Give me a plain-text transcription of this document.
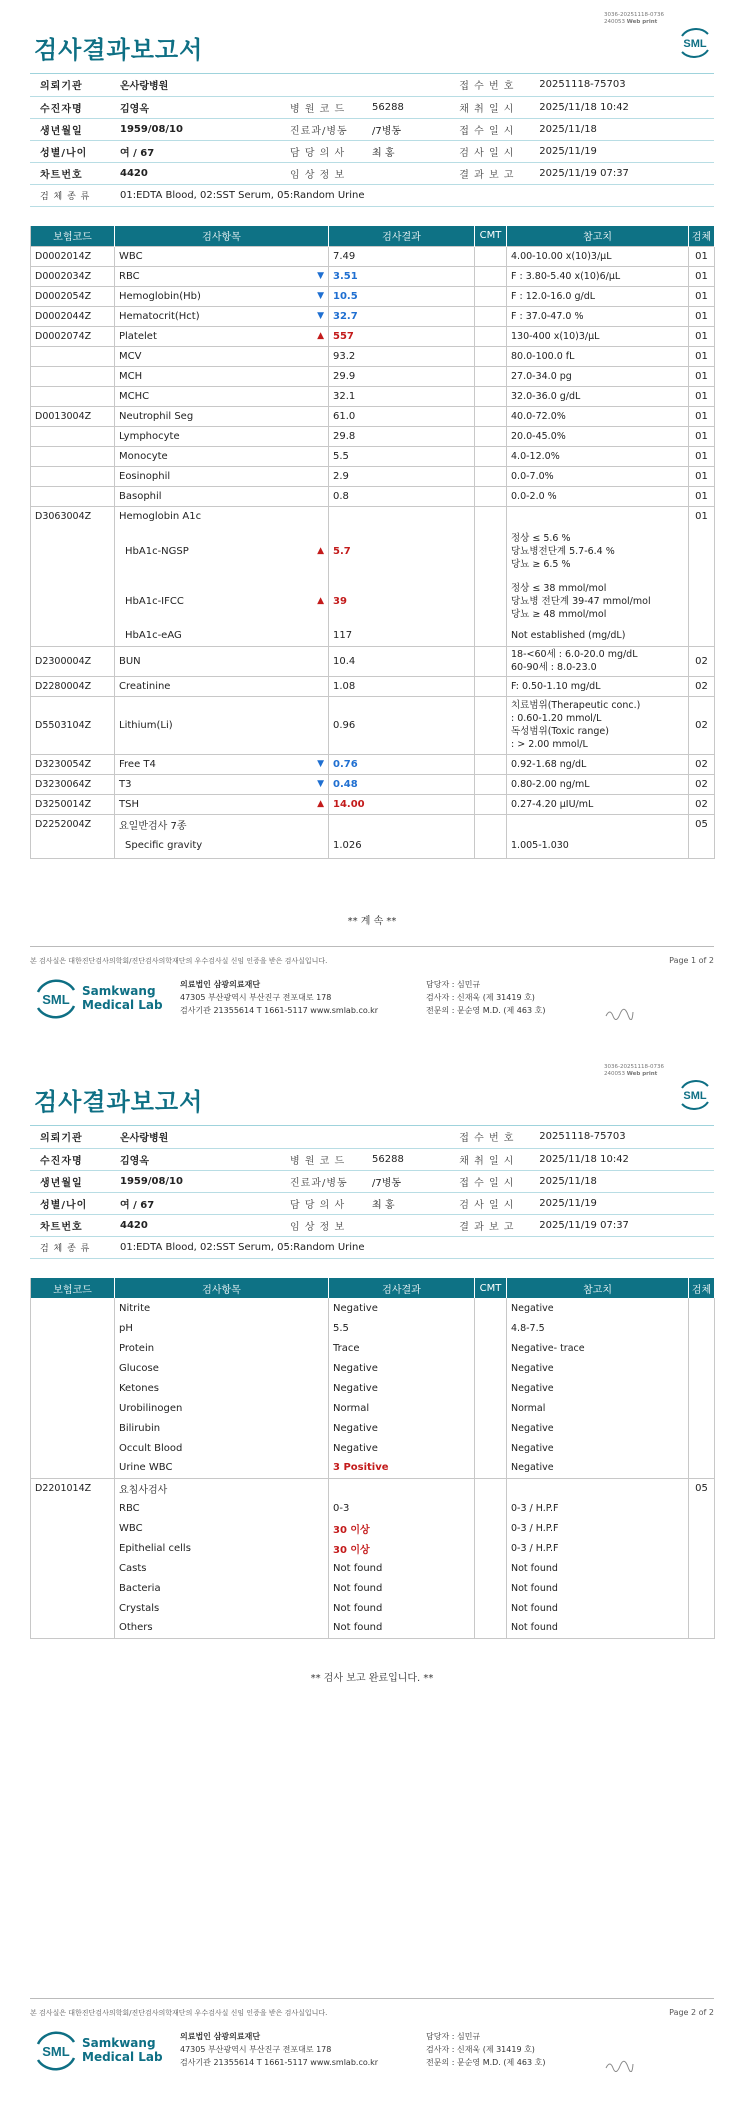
3036-20251118-0736
240053 Web print
검사결과보고서	SML
의뢰기관	온사랑병원			접 수 번 호	20251118-75703
수진자명	김영옥	병 원 코 드	56288	채 취 일 시	2025/11/18 10:42
생년월일	1959/08/10	진료과/병동	/7병동	접 수 일 시	2025/11/18
성별/나이	여 / 67	담 당 의 사	최 홍	검 사 일 시	2025/11/19
차트번호	4420	임 상 정 보		결 과 보 고	2025/11/19 07:37
검 체 종 류	01:EDTA Blood, 02:SST Serum, 05:Random Urine				
보험코드	검사항목	검사결과	CMT	참고치	검체
D0002014Z	WBC	7.49		4.00-10.00 x(10)3/μL	01
D0002034Z	RBC ▼	3.51		F : 3.80-5.40 x(10)6/μL	01
D0002054Z	Hemoglobin(Hb) ▼	10.5		F : 12.0-16.0 g/dL	01
D0002044Z	Hematocrit(Hct) ▼	32.7		F : 37.0-47.0 %	01
D0002074Z	Platelet ▲	557		130-400 x(10)3/μL	01
	MCV	93.2		80.0-100.0 fL	01
	MCH	29.9		27.0-34.0 pg	01
	MCHC	32.1		32.0-36.0 g/dL	01
D0013004Z	Neutrophil Seg	61.0		40.0-72.0%	01
	Lymphocyte	29.8		20.0-45.0%	01
	Monocyte	5.5		4.0-12.0%	01
	Eosinophil	2.9		0.0-7.0%	01
	Basophil	0.8		0.0-2.0 %	01
D3063004Z	Hemoglobin A1c				01
	HbA1c-NGSP ▲	5.7		정상 ≤ 5.6 %
당뇨병전단계 5.7-6.4 %
당뇨 ≥ 6.5 %	
	HbA1c-IFCC ▲	39		정상 ≤ 38 mmol/mol
당뇨병 전단계 39-47 mmol/mol
당뇨 ≥ 48 mmol/mol	
	HbA1c-eAG	117		Not established (mg/dL)	
D2300004Z	BUN	10.4		18-<60세 : 6.0-20.0 mg/dL
60-90세 : 8.0-23.0	02
D2280004Z	Creatinine	1.08		F: 0.50-1.10 mg/dL	02
D5503104Z	Lithium(Li)	0.96		치료범위(Therapeutic conc.)
: 0.60-1.20 mmol/L
독성범위(Toxic range)
: > 2.00 mmol/L	02
D3230054Z	Free T4 ▼	0.76		0.92-1.68 ng/dL	02
D3230064Z	T3 ▼	0.48		0.80-2.00 ng/mL	02
D3250014Z	TSH ▲	14.00		0.27-4.20 μIU/mL	02
D2252004Z	요일반검사 7종				05
	Specific gravity	1.026		1.005-1.030	
** 계 속 **
본 검사실은 대한진단검사의학회/진단검사의학재단의 우수검사실 신임 인증을 받은 검사실입니다.	Page 1 of 2
SML
Samkwang
Medical Lab
의료법인 삼광의료재단
47305 부산광역시 부산진구 전포대로 178
검사기관 21355614 T 1661-5117 www.smlab.co.kr
담당자 : 심민규
검사자 : 신재욱 (제 31419 호)
전문의 : 문순영 M.D. (제 463 호)
3036-20251118-0736
240053 Web print
검사결과보고서	SML
의뢰기관	온사랑병원			접 수 번 호	20251118-75703
수진자명	김영옥	병 원 코 드	56288	채 취 일 시	2025/11/18 10:42
생년월일	1959/08/10	진료과/병동	/7병동	접 수 일 시	2025/11/18
성별/나이	여 / 67	담 당 의 사	최 홍	검 사 일 시	2025/11/19
차트번호	4420	임 상 정 보		결 과 보 고	2025/11/19 07:37
검 체 종 류	01:EDTA Blood, 02:SST Serum, 05:Random Urine				
보험코드	검사항목	검사결과	CMT	참고치	검체
	Nitrite	Negative		Negative	
	pH	5.5		4.8-7.5	
	Protein	Trace		Negative- trace	
	Glucose	Negative		Negative	
	Ketones	Negative		Negative	
	Urobilinogen	Normal		Normal	
	Bilirubin	Negative		Negative	
	Occult Blood	Negative		Negative	
	Urine WBC	3 Positive		Negative	
D2201014Z	요침사검사				05
	RBC	0-3		0-3 / H.P.F	
	WBC	30 이상		0-3 / H.P.F	
	Epithelial cells	30 이상		0-3 / H.P.F	
	Casts	Not found		Not found	
	Bacteria	Not found		Not found	
	Crystals	Not found		Not found	
	Others	Not found		Not found	
** 검사 보고 완료입니다. **
본 검사실은 대한진단검사의학회/진단검사의학재단의 우수검사실 신임 인증을 받은 검사실입니다.	Page 2 of 2
SML
Samkwang
Medical Lab
의료법인 삼광의료재단
47305 부산광역시 부산진구 전포대로 178
검사기관 21355614 T 1661-5117 www.smlab.co.kr
담당자 : 심민규
검사자 : 신재욱 (제 31419 호)
전문의 : 문순영 M.D. (제 463 호)
